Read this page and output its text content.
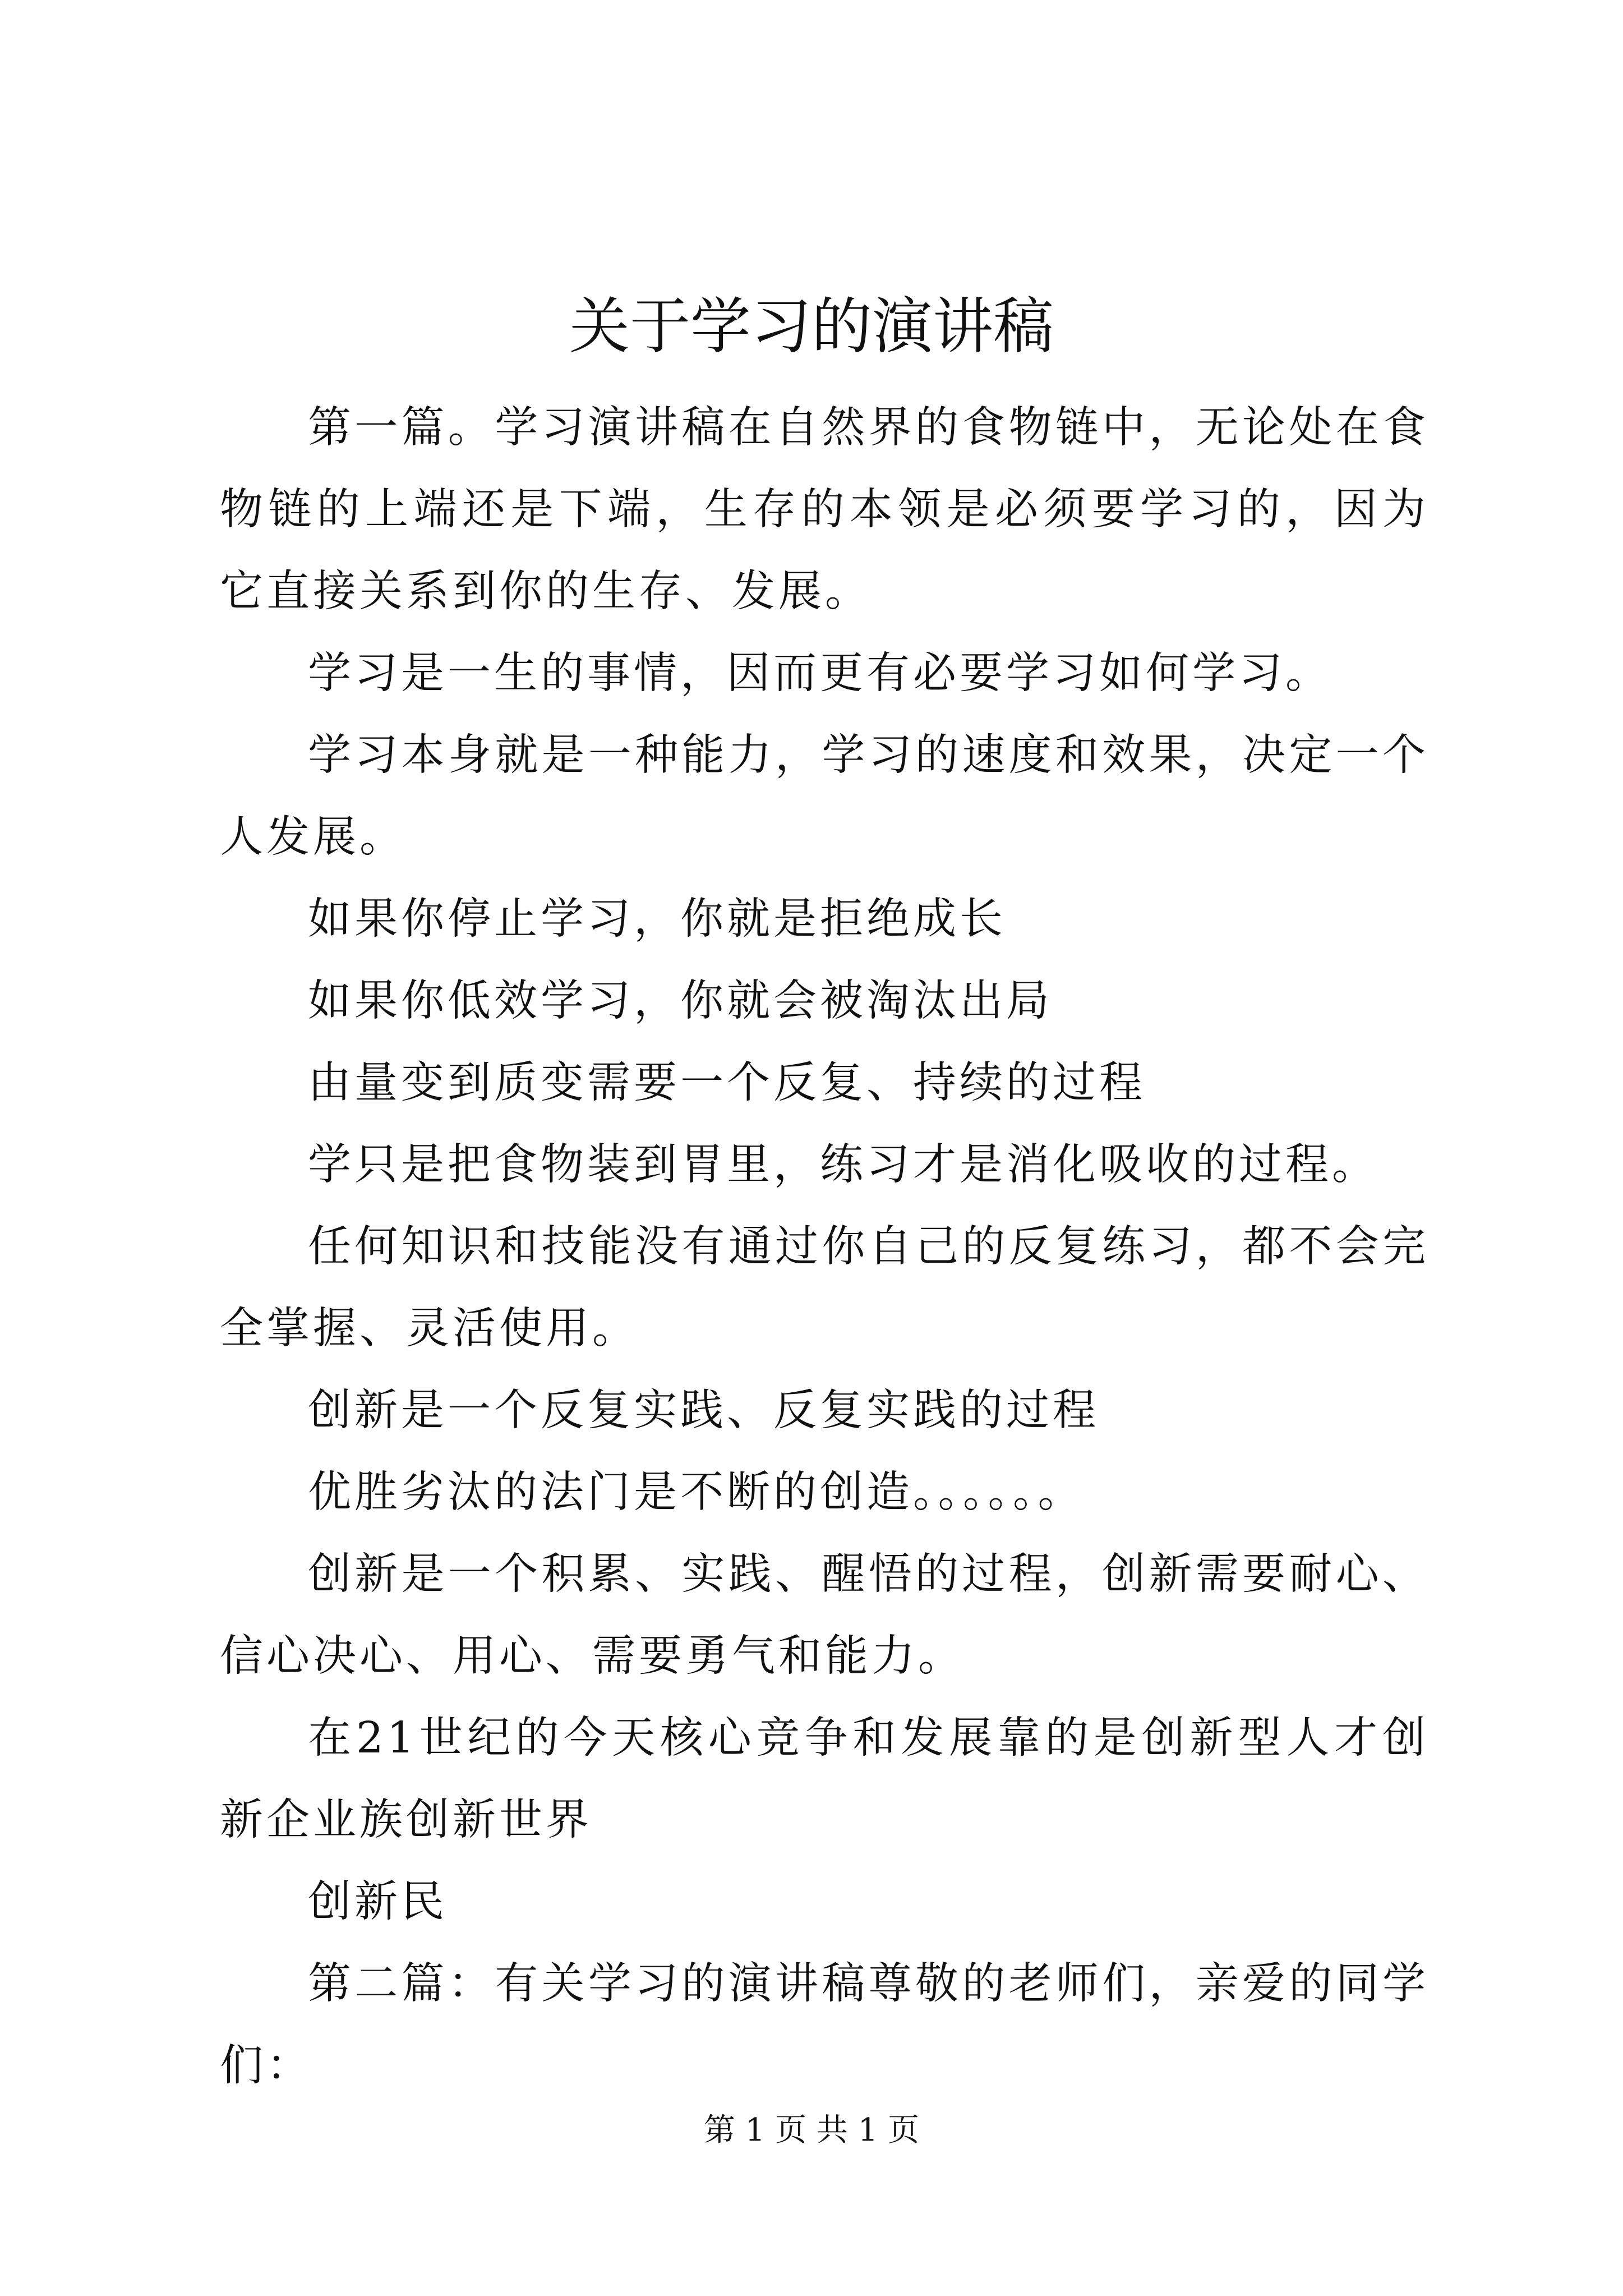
关于学习的演讲稿

第一篇。学习演讲稿在自然界的食物链中，无论处在食物链的上端还是下端，生存的本领是必须要学习的，因为它直接关系到你的生存、发展。

学习是一生的事情，因而更有必要学习如何学习。

学习本身就是一种能力，学习的速度和效果，决定一个人发展。

如果你停止学习，你就是拒绝成长

如果你低效学习，你就会被淘汰出局

由量变到质变需要一个反复、持续的过程

学只是把食物装到胃里，练习才是消化吸收的过程。

任何知识和技能没有通过你自己的反复练习，都不会完全掌握、灵活使用。

创新是一个反复实践、反复实践的过程

优胜劣汰的法门是不断的创造。。。。。。

创新是一个积累、实践、醒悟的过程，创新需要耐心、信心决心、用心、需要勇气和能力。

在21世纪的今天核心竞争和发展靠的是创新型人才创新企业族创新世界

创新民

第二篇：有关学习的演讲稿尊敬的老师们，亲爱的同学们：

第 1 页 共 1 页
